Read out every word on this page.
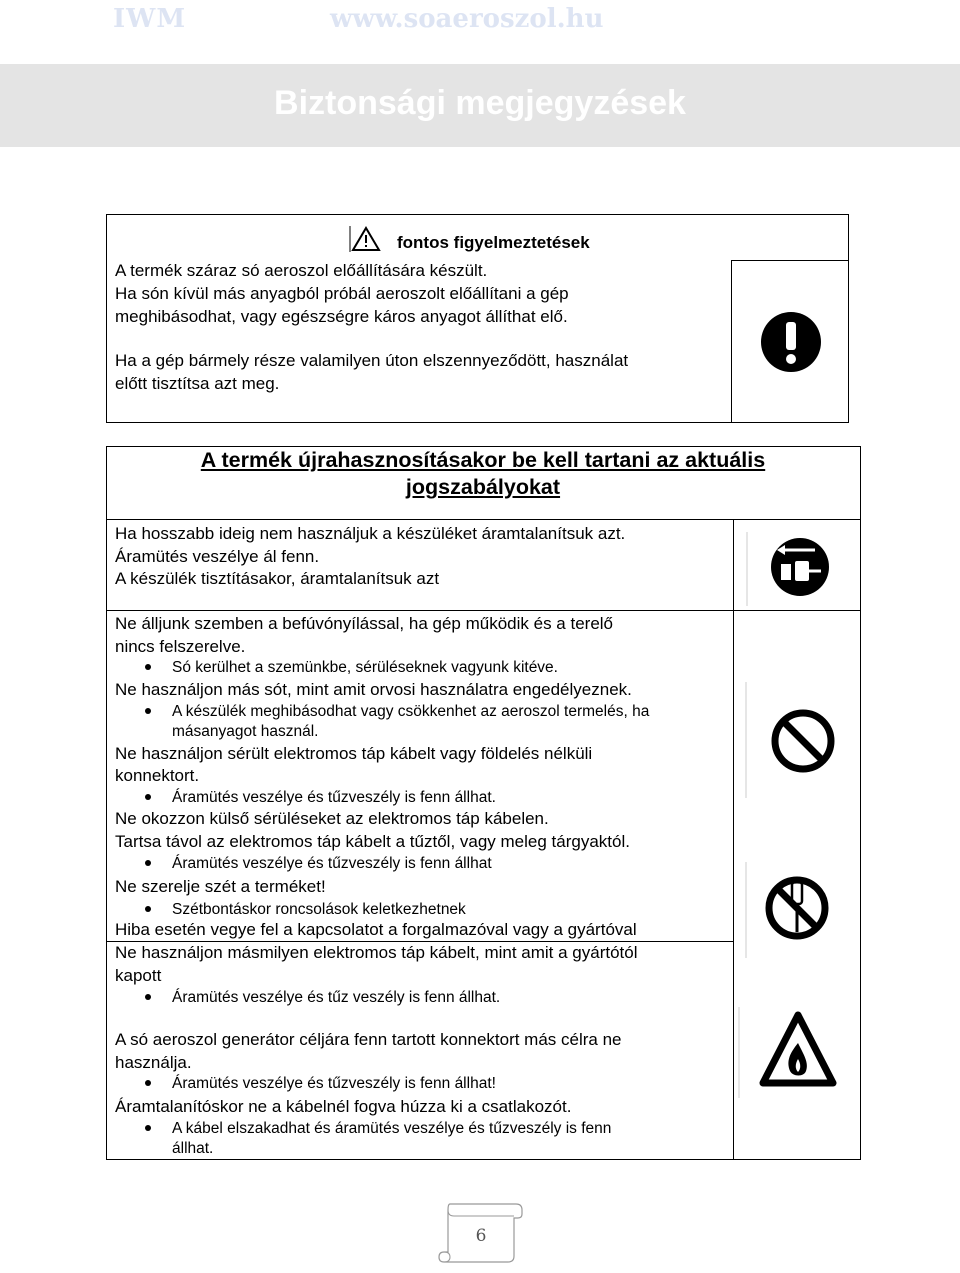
IWM	www.soaeroszol.hu
Biztonsági megjegyzések
fontos figyelmeztetések
A termék száraz só aeroszol előállítására készült.
Ha són kívül más anyagból próbál aeroszolt előállítani a gép
meghibásodhat, vagy egészségre káros anyagot állíthat elő.
Ha a gép bármely része valamilyen úton elszennyeződött, használat
előtt tisztítsa azt meg.
A termék újrahasznosításakor be kell tartani az aktuális
jogszabályokat
Ha hosszabb ideig nem használjuk a készüléket áramtalanítsuk azt.
Áramütés veszélye ál fenn.
A készülék tisztításakor, áramtalanítsuk azt
Ne álljunk szemben a befúvónyílással, ha gép működik és a terelő
nincs felszerelve.
Só kerülhet a szemünkbe, sérüléseknek vagyunk kitéve.
Ne használjon más sót, mint amit orvosi használatra engedélyeznek.
A készülék meghibásodhat vagy csökkenhet az aeroszol termelés, ha
másanyagot használ.
Ne használjon sérült elektromos táp kábelt vagy földelés nélküli
konnektort.
Áramütés veszélye és tűzveszély is fenn állhat.
Ne okozzon külső sérüléseket az elektromos táp kábelen.
Tartsa távol az elektromos táp kábelt a tűztől, vagy meleg tárgyaktól.
Áramütés veszélye és tűzveszély is fenn állhat
Ne szerelje szét a terméket!
Szétbontáskor roncsolások keletkezhetnek
Hiba esetén vegye fel a kapcsolatot a forgalmazóval vagy a gyártóval
Ne használjon másmilyen elektromos táp kábelt, mint amit a gyártótól
kapott
Áramütés veszélye és tűz veszély is fenn állhat.
A só aeroszol generátor céljára fenn tartott konnektort más célra ne
használja.
Áramütés veszélye és tűzveszély is fenn állhat!
Áramtalanítóskor ne a kábelnél fogva húzza ki a csatlakozót.
A kábel elszakadhat és áramütés veszélye és tűzveszély is fenn
állhat.
6
